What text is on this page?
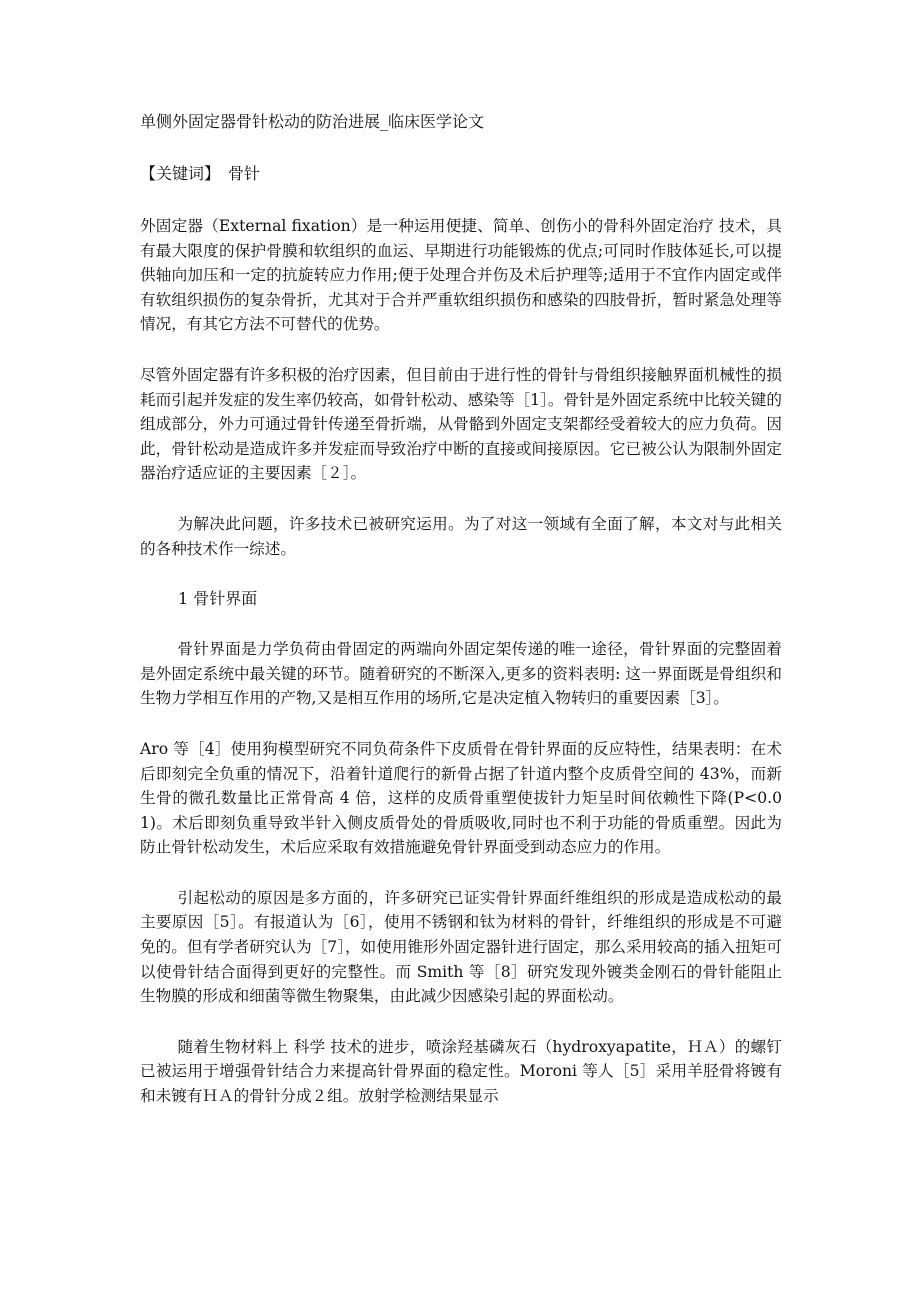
单侧外固定器骨针松动的防治进展_临床医学论文
【关键词】 骨针

外固定器（External fixation）是一种运用便捷、简单、创伤小的骨科外固定治疗 技术，具有最大限度的保护骨膜和软组织的血运、早期进行功能锻炼的优点;可同时作肢体延长,可以提供轴向加压和一定的抗旋转应力作用;便于处理合并伤及术后护理等;适用于不宜作内固定或伴有软组织损伤的复杂骨折，尤其对于合并严重软组织损伤和感染的四肢骨折，暂时紧急处理等情况，有其它方法不可替代的优势。

尽管外固定器有许多积极的治疗因素，但目前由于进行性的骨针与骨组织接触界面机械性的损耗而引起并发症的发生率仍较高，如骨针松动、感染等［1］。骨针是外固定系统中比较关键的组成部分，外力可通过骨针传递至骨折端，从骨骼到外固定支架都经受着较大的应力负荷。因此，骨针松动是造成许多并发症而导致治疗中断的直接或间接原因。它已被公认为限制外固定器治疗适应证的主要因素［２］。

为解决此问题，许多技术已被研究运用。为了对这一领域有全面了解，本文对与此相关的各种技术作一综述。

1 骨针界面

骨针界面是力学负荷由骨固定的两端向外固定架传递的唯一途径，骨针界面的完整固着是外固定系统中最关键的环节。随着研究的不断深入,更多的资料表明: 这一界面既是骨组织和生物力学相互作用的产物,又是相互作用的场所,它是决定植入物转归的重要因素［3］。

Aro 等［4］使用狗模型研究不同负荷条件下皮质骨在骨针界面的反应特性，结果表明：在术后即刻完全负重的情况下，沿着针道爬行的新骨占据了针道内整个皮质骨空间的 43%，而新生骨的微孔数量比正常骨高 4 倍，这样的皮质骨重塑使拔针力矩呈时间依赖性下降(P<0.01)。术后即刻负重导致半针入侧皮质骨处的骨质吸收,同时也不利于功能的骨质重塑。因此为防止骨针松动发生，术后应采取有效措施避免骨针界面受到动态应力的作用。

引起松动的原因是多方面的，许多研究已证实骨针界面纤维组织的形成是造成松动的最主要原因［5］。有报道认为［6］，使用不锈钢和钛为材料的骨针，纤维组织的形成是不可避免的。但有学者研究认为［7］，如使用锥形外固定器针进行固定，那么采用较高的插入扭矩可以使骨针结合面得到更好的完整性。而 Smith 等［8］研究发现外镀类金刚石的骨针能阻止生物膜的形成和细菌等微生物聚集，由此减少因感染引起的界面松动。

随着生物材料上 科学 技术的进步，喷涂羟基磷灰石（hydroxyapatite，ＨＡ）的螺钉已被运用于增强骨针结合力来提高针骨界面的稳定性。Moroni 等人［5］采用羊胫骨将镀有和未镀有ＨＡ的骨针分成２组。放射学检测结果显示
